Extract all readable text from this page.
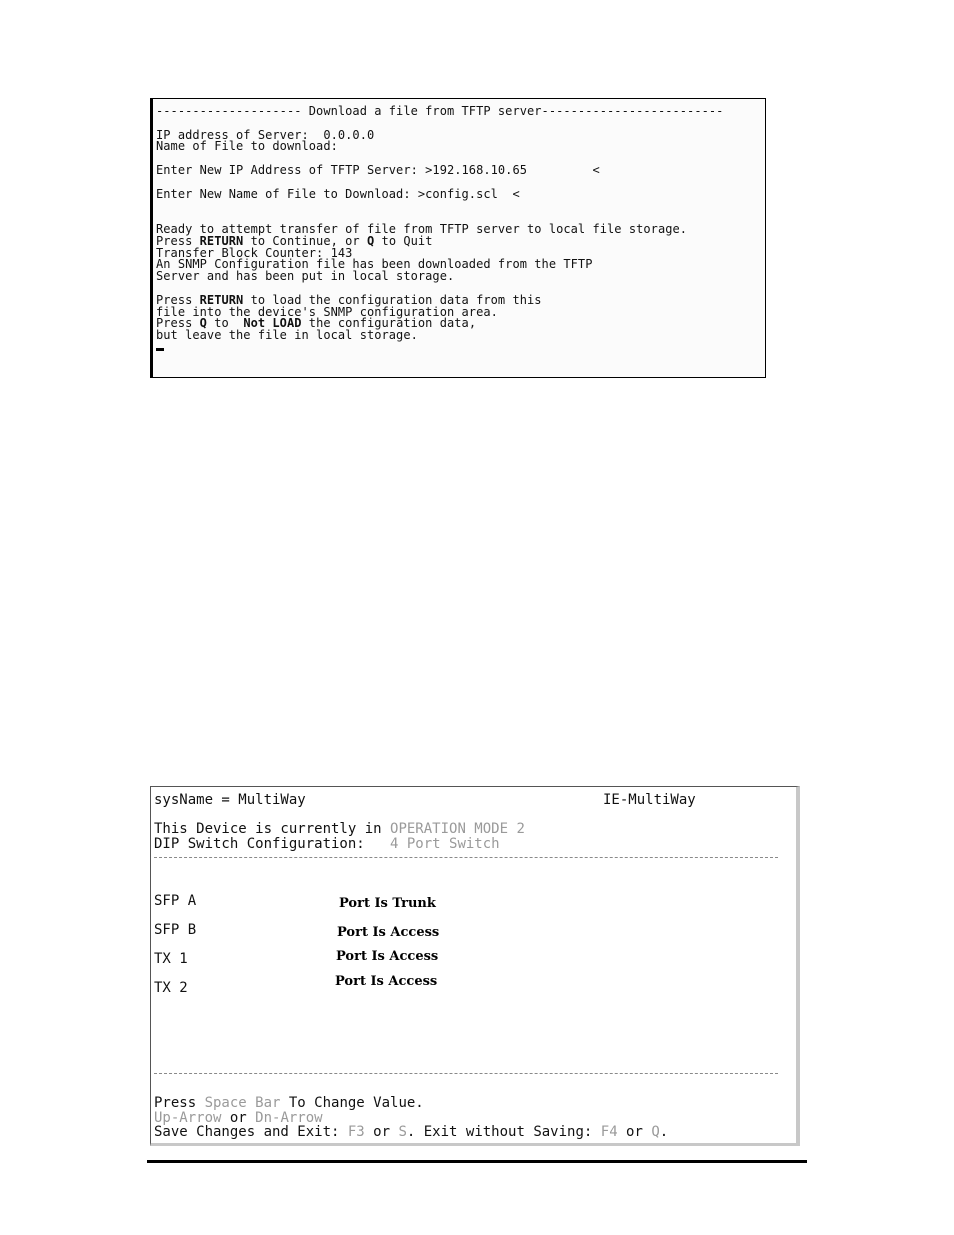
-------------------- Download a file from TFTP server-------------------------
IP address of Server:  0.0.0.0
Name of File to download:
Enter New IP Address of TFTP Server: >192.168.10.65         <
Enter New Name of File to Download: >config.scl  <
Ready to attempt transfer of file from TFTP server to local file storage.
Press RETURN to Continue, or Q to Quit
Transfer Block Counter: 143
An SNMP Configuration file has been downloaded from the TFTP
Server and has been put in local storage.
Press RETURN to load the configuration data from this
file into the device's SNMP configuration area.
Press Q to  Not LOAD the configuration data,
but leave the file in local storage.
sysName = MultiWay	IE-MultiWay
This Device is currently in OPERATION MODE 2
DIP Switch Configuration:   4 Port Switch
SFP A	Port Is Trunk
SFP B	Port Is Access
TX 1	Port Is Access
TX 2	Port Is Access
Press Space Bar To Change Value.
Up-Arrow or Dn-Arrow
Save Changes and Exit: F3 or S. Exit without Saving: F4 or Q.
